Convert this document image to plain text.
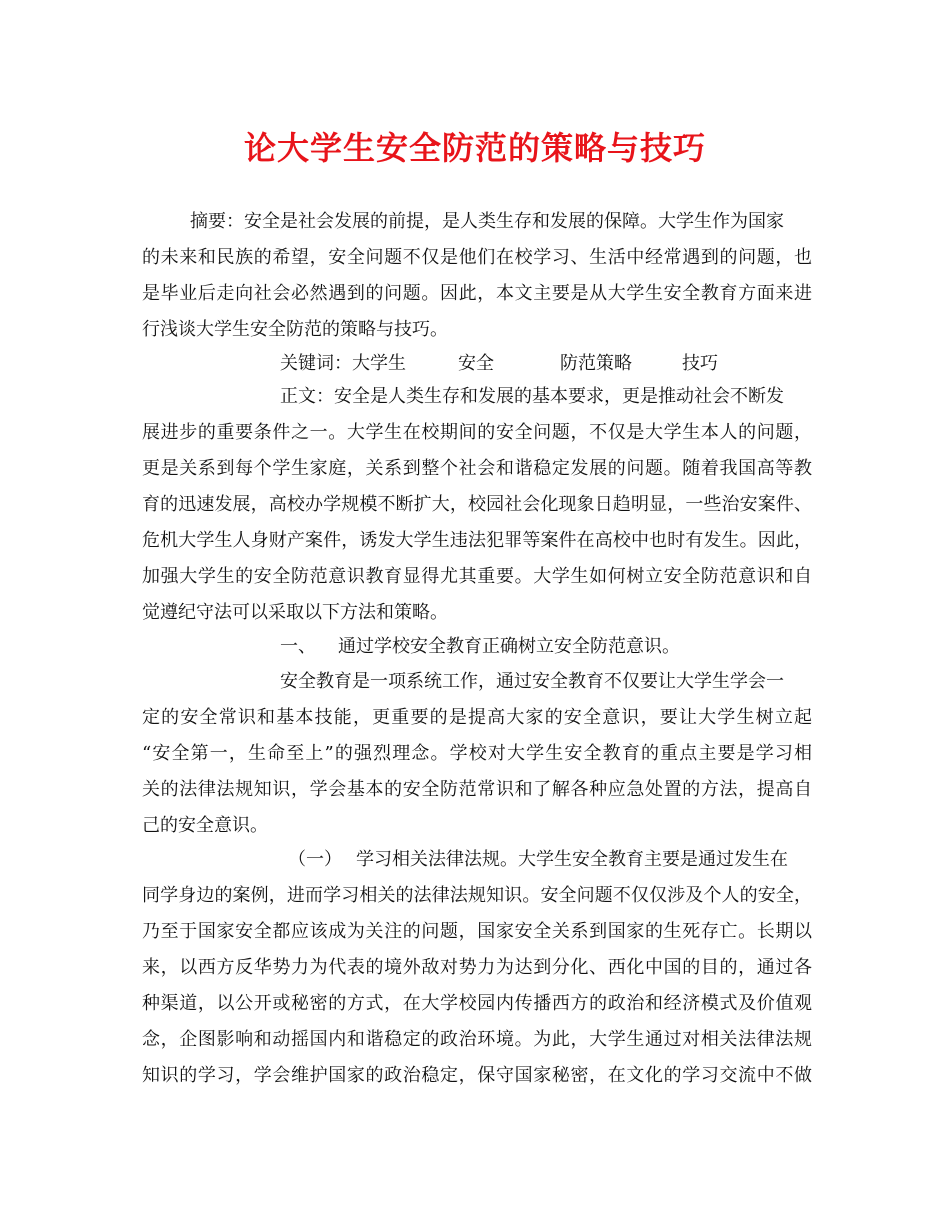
论大学生安全防范的策略与技巧
摘要：安全是社会发展的前提，是人类生存和发展的保障。大学生作为国家
的未来和民族的希望，安全问题不仅是他们在校学习、生活中经常遇到的问题，也
是毕业后走向社会必然遇到的问题。因此，本文主要是从大学生安全教育方面来进
行浅谈大学生安全防范的策略与技巧。
关键词：大学生	安全	防范策略	技巧
正文：安全是人类生存和发展的基本要求，更是推动社会不断发
展进步的重要条件之一。大学生在校期间的安全问题，不仅是大学生本人的问题，
更是关系到每个学生家庭，关系到整个社会和谐稳定发展的问题。随着我国高等教
育的迅速发展，高校办学规模不断扩大，校园社会化现象日趋明显，一些治安案件、
危机大学生人身财产案件，诱发大学生违法犯罪等案件在高校中也时有发生。因此，
加强大学生的安全防范意识教育显得尤其重要。大学生如何树立安全防范意识和自
觉遵纪守法可以采取以下方法和策略。
一、 通过学校安全教育正确树立安全防范意识。
安全教育是一项系统工作，通过安全教育不仅要让大学生学会一
定的安全常识和基本技能，更重要的是提高大家的安全意识，要让大学生树立起
“安全第一，生命至上”的强烈理念。学校对大学生安全教育的重点主要是学习相
关的法律法规知识，学会基本的安全防范常识和了解各种应急处置的方法，提高自
己的安全意识。
（一） 学习相关法律法规。大学生安全教育主要是通过发生在
同学身边的案例，进而学习相关的法律法规知识。安全问题不仅仅涉及个人的安全，
乃至于国家安全都应该成为关注的问题，国家安全关系到国家的生死存亡。长期以
来，以西方反华势力为代表的境外敌对势力为达到分化、西化中国的目的，通过各
种渠道，以公开或秘密的方式，在大学校园内传播西方的政治和经济模式及价值观
念，企图影响和动摇国内和谐稳定的政治环境。为此，大学生通过对相关法律法规
知识的学习，学会维护国家的政治稳定，保守国家秘密，在文化的学习交流中不做
